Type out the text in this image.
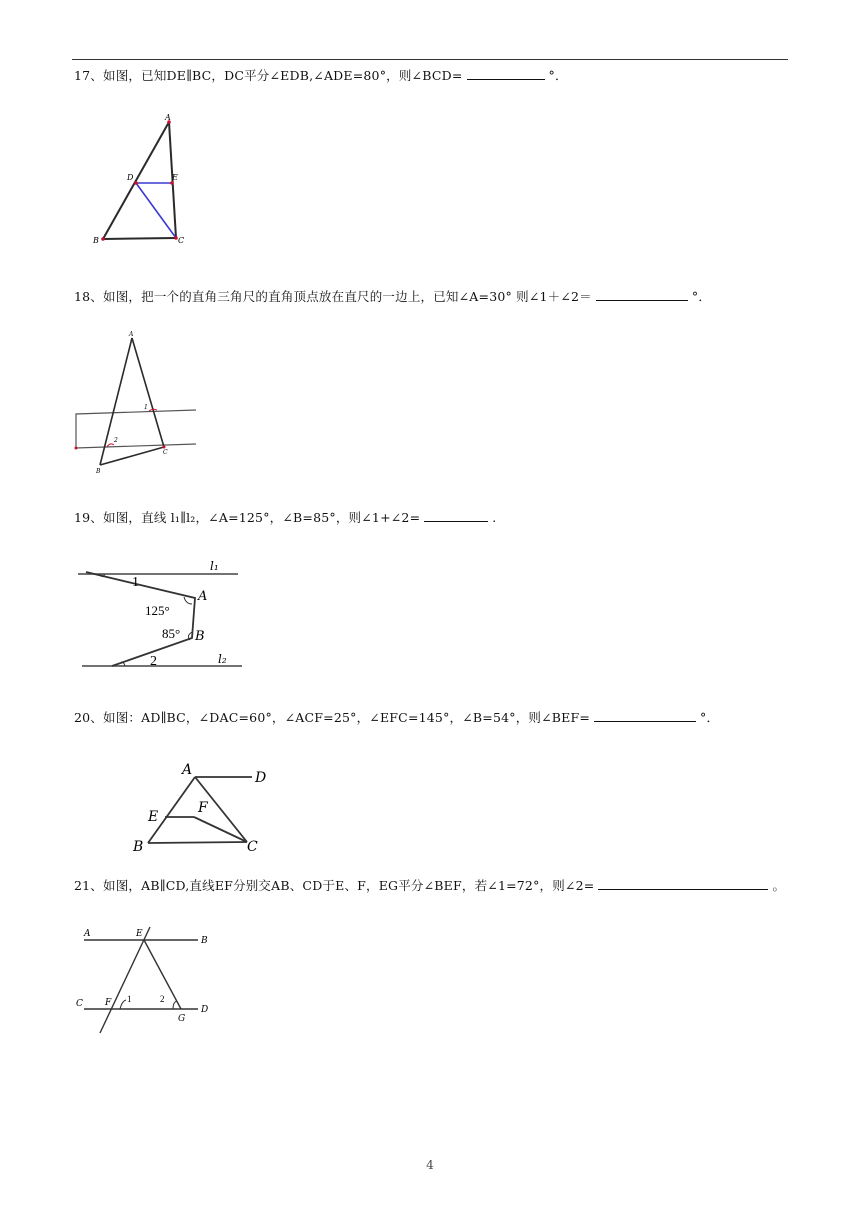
17、如图，已知DE∥BC，DC平分∠EDB,∠ADE=80°，则∠BCD=	°．
A
D	E
B	C
18、如图，把一个的直角三角尺的直角顶点放在直尺的一边上，已知∠A=30° 则∠1＋∠2＝	°．
A
1
2
B
C
19、如图，直线 l₁∥l₂，∠A=125°，∠B=85°，则∠1+∠2=	.
l₁
l₂
1
2
A
B
125°
85°
20、如图：AD∥BC，∠DAC=60°，∠ACF=25°，∠EFC=145°，∠B=54°，则∠BEF=	°．
A	D
E
F
B	C
21、如图，AB∥CD,直线EF分别交AB、CD于E、F，EG平分∠BEF，若∠1=72°，则∠2=	。
A	E
B
C F 1	2
G
D
4
